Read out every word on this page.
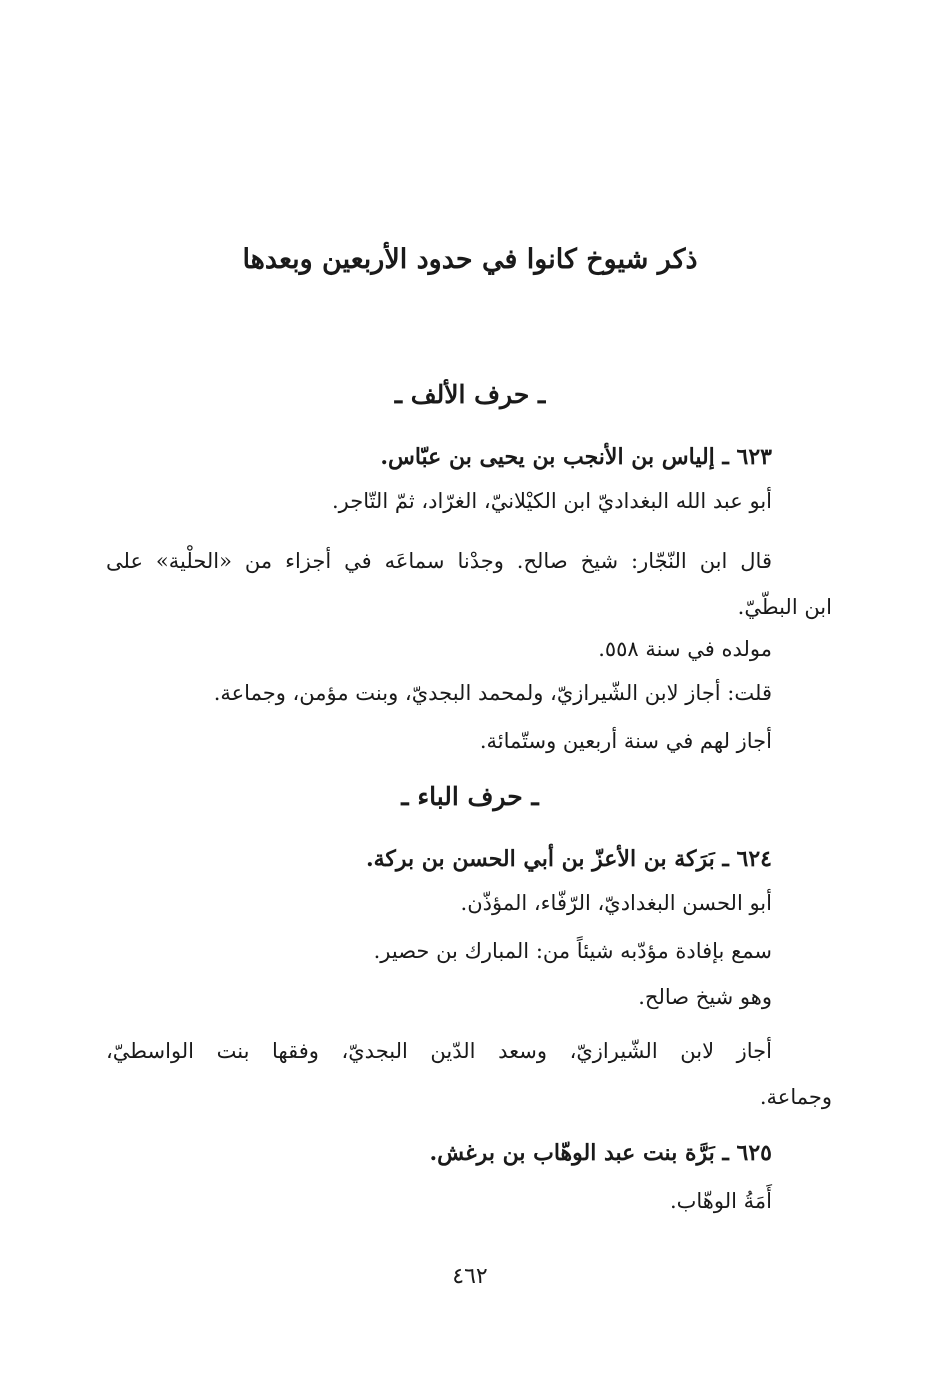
ذكر شيوخ كانوا في حدود الأربعين وبعدها
ـ حرف الألف ـ
٦٢٣ ـ إلياس بن الأنجب بن يحيى بن عبّاس.
أبو عبد الله البغداديّ ابن الكيْلانيّ، الغرّاد، ثمّ التّاجر.
قال ابن النّجّار: شيخ صالح. وجدْنا سماعَه في أجزاء من «الحلْية» على
ابن البطّيّ.
مولده في سنة ٥٥٨.
قلت: أجاز لابن الشّيرازيّ، ولمحمد البجديّ، وبنت مؤمن، وجماعة.
أجاز لهم في سنة أربعين وستّمائة.
ـ حرف الباء ـ
٦٢٤ ـ بَرَكة بن الأعزّ بن أبي الحسن بن بركة.
أبو الحسن البغداديّ، الرّفّاء، المؤذّن.
سمع بإفادة مؤدّبه شيئاً من: المبارك بن حصير.
وهو شيخ صالح.
أجاز لابن الشّيرازيّ، وسعد الدّين البجديّ، وفقها بنت الواسطيّ،
وجماعة.
٦٢٥ ـ بَرَّة بنت عبد الوهّاب بن برغش.
أَمَةُ الوهّاب.
٤٦٢
